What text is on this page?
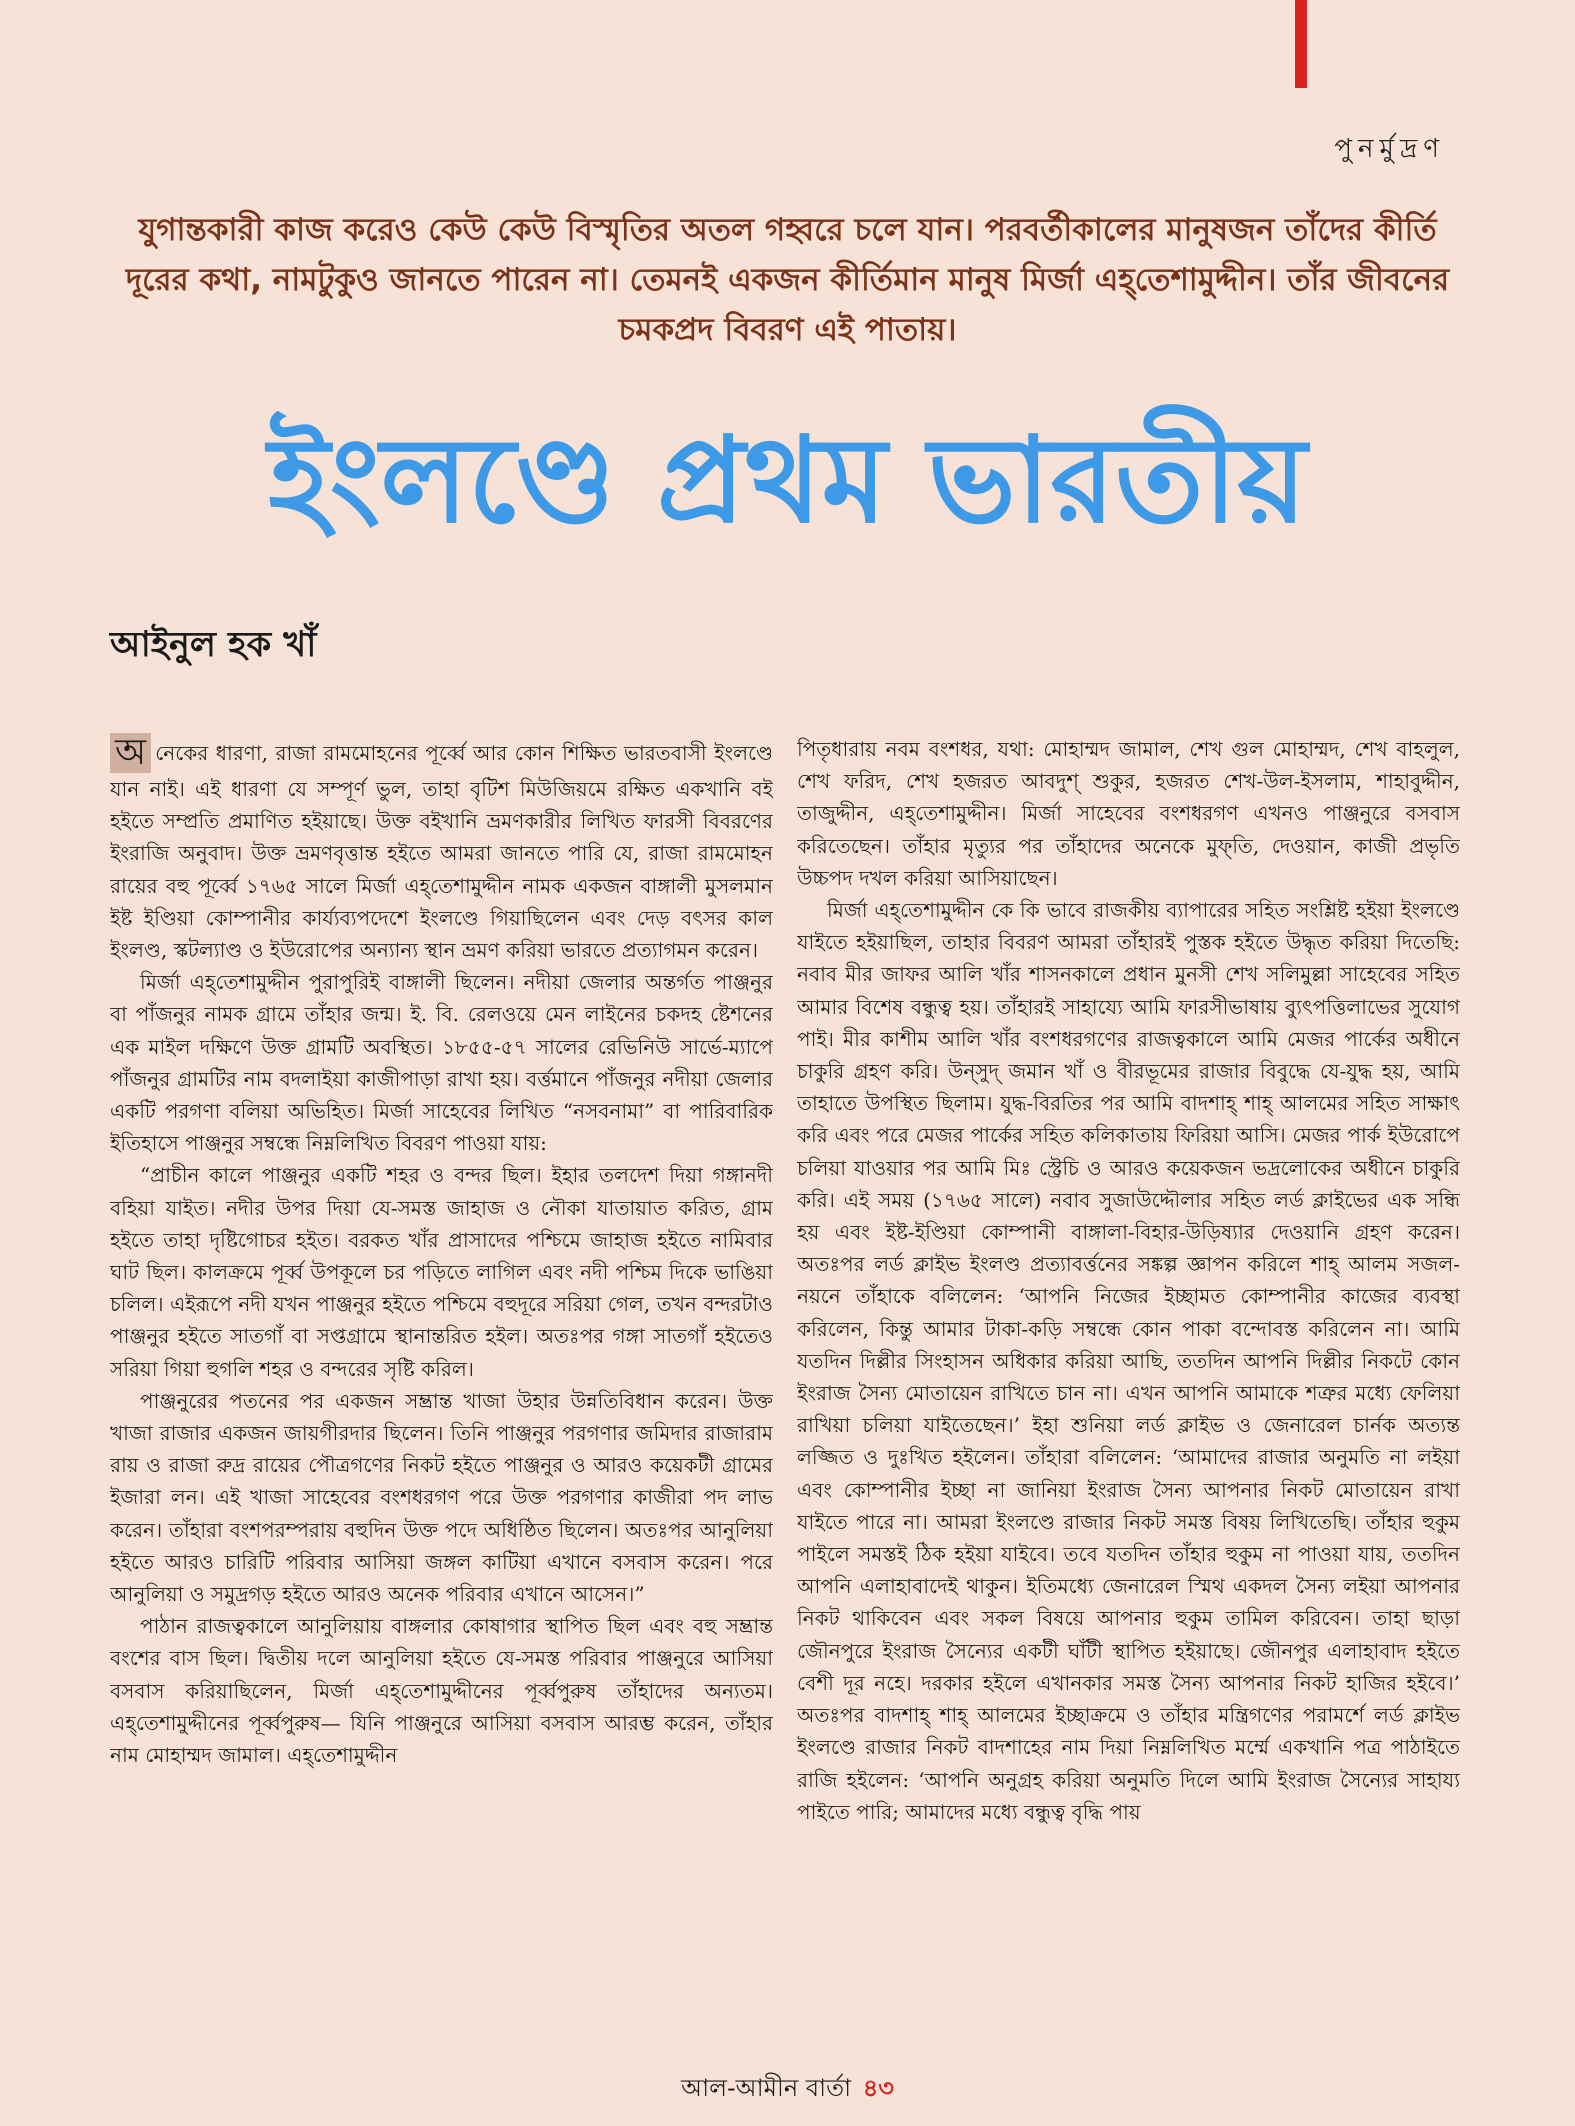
পুনর্মুদ্রণ
যুগান্তকারী কাজ করেও কেউ কেউ বিস্মৃতির অতল গহ্বরে চলে যান। পরবর্তীকালের মানুষজন তাঁদের কীর্তি দূরের কথা, নামটুকুও জানতে পারেন না। তেমনই একজন কীর্তিমান মানুষ মির্জা এহ্‌তেশামুদ্দীন। তাঁর জীবনের চমকপ্রদ বিবরণ এই পাতায়।
ইংলণ্ডে প্রথম ভারতীয়
আইনুল হক খাঁ

অ নেকের ধারণা, রাজা রামমোহনের পূর্ব্বে আর কোন শিক্ষিত ভারতবাসী ইংলণ্ডে যান নাই। এই ধারণা যে সম্পূর্ণ ভুল, তাহা বৃটিশ মিউজিয়মে রক্ষিত একখানি বই হইতে সম্প্রতি প্রমাণিত হইয়াছে। উক্ত বইখানি ভ্রমণকারীর লিখিত ফারসী বিবরণের ইংরাজি অনুবাদ। উক্ত ভ্রমণবৃত্তান্ত হইতে আমরা জানতে পারি যে, রাজা রামমোহন রায়ের বহু পূর্ব্বে ১৭৬৫ সালে মির্জা এহ্‌তেশামুদ্দীন নামক একজন বাঙ্গালী মুসলমান ইষ্ট ইণ্ডিয়া কোম্পানীর কার্য্যব্যপদেশে ইংলণ্ডে গিয়াছিলেন এবং দেড় বৎসর কাল ইংলণ্ড, স্কটল্যাণ্ড ও ইউরোপের অন্যান্য স্থান ভ্রমণ করিয়া ভারতে প্রত্যাগমন করেন।

মির্জা এহ্‌তেশামুদ্দীন পুরাপুরিই বাঙ্গালী ছিলেন। নদীয়া জেলার অন্তর্গত পাঞ্জনুর বা পাঁজনুর নামক গ্রামে তাঁহার জন্ম। ই. বি. রেলওয়ে মেন লাইনের চকদহ ষ্টেশনের এক মাইল দক্ষিণে উক্ত গ্রামটি অবস্থিত। ১৮৫৫-৫৭ সালের রেভিনিউ সার্ভে-ম্যাপে পাঁজনুর গ্রামটির নাম বদলাইয়া কাজীপাড়া রাখা হয়। বর্ত্তমানে পাঁজনুর নদীয়া জেলার একটি পরগণা বলিয়া অভিহিত। মির্জা সাহেবের লিখিত “নসবনামা” বা পারিবারিক ইতিহাসে পাঞ্জনুর সম্বন্ধে নিম্নলিখিত বিবরণ পাওয়া যায়:

“প্রাচীন কালে পাঞ্জনুর একটি শহর ও বন্দর ছিল। ইহার তলদেশ দিয়া গঙ্গানদী বহিয়া যাইত। নদীর উপর দিয়া যে-সমস্ত জাহাজ ও নৌকা যাতায়াত করিত, গ্রাম হইতে তাহা দৃষ্টিগোচর হইত। বরকত খাঁর প্রাসাদের পশ্চিমে জাহাজ হইতে নামিবার ঘাট ছিল। কালক্রমে পূর্ব্ব উপকূলে চর পড়িতে লাগিল এবং নদী পশ্চিম দিকে ভাঙিয়া চলিল। এইরূপে নদী যখন পাঞ্জনুর হইতে পশ্চিমে বহুদূরে সরিয়া গেল, তখন বন্দরটাও পাঞ্জনুর হইতে সাতগাঁ বা সপ্তগ্রামে স্থানান্তরিত হইল। অতঃপর গঙ্গা সাতগাঁ হইতেও সরিয়া গিয়া হুগলি শহর ও বন্দরের সৃষ্টি করিল।

পাঞ্জনুরের পতনের পর একজন সম্ভ্রান্ত খাজা উহার উন্নতিবিধান করেন। উক্ত খাজা রাজার একজন জায়গীরদার ছিলেন। তিনি পাঞ্জনুর পরগণার জমিদার রাজারাম রায় ও রাজা রুদ্র রায়ের পৌত্রগণের নিকট হইতে পাঞ্জনুর ও আরও কয়েকটী গ্রামের ইজারা লন। এই খাজা সাহেবের বংশধরগণ পরে উক্ত পরগণার কাজীরা পদ লাভ করেন। তাঁহারা বংশপরম্পরায় বহুদিন উক্ত পদে অধিষ্ঠিত ছিলেন। অতঃপর আনুলিয়া হইতে আরও চারিটি পরিবার আসিয়া জঙ্গল কাটিয়া এখানে বসবাস করেন। পরে আনুলিয়া ও সমুদ্রগড় হইতে আরও অনেক পরিবার এখানে আসেন।”

পাঠান রাজত্বকালে আনুলিয়ায় বাঙ্গলার কোষাগার স্থাপিত ছিল এবং বহু সম্ভ্রান্ত বংশের বাস ছিল। দ্বিতীয় দলে আনুলিয়া হইতে যে-সমস্ত পরিবার পাঞ্জনুরে আসিয়া বসবাস করিয়াছিলেন, মির্জা এহ্‌তেশামুদ্দীনের পূর্ব্বপুরুষ তাঁহাদের অন্যতম। এহ্‌তেশামুদ্দীনের পূর্ব্বপুরুষ— যিনি পাঞ্জনুরে আসিয়া বসবাস আরম্ভ করেন, তাঁহার নাম মোহাম্মদ জামাল। এহ্‌তেশামুদ্দীন

পিতৃধারায় নবম বংশধর, যথা: মোহাম্মদ জামাল, শেখ গুল মোহাম্মদ, শেখ বাহলুল, শেখ ফরিদ, শেখ হজরত আবদুশ্ শুকুর, হজরত শেখ-উল-ইসলাম, শাহাবুদ্দীন, তাজুদ্দীন, এহ্‌তেশামুদ্দীন। মির্জা সাহেবের বংশধরগণ এখনও পাঞ্জনুরে বসবাস করিতেছেন। তাঁহার মৃত্যুর পর তাঁহাদের অনেকে মুফ্‌তি, দেওয়ান, কাজী প্রভৃতি উচ্চপদ দখল করিয়া আসিয়াছেন।

মির্জা এহ্‌তেশামুদ্দীন কে কি ভাবে রাজকীয় ব্যাপারের সহিত সংশ্লিষ্ট হইয়া ইংলণ্ডে যাইতে হইয়াছিল, তাহার বিবরণ আমরা তাঁহারই পুস্তক হইতে উদ্ধৃত করিয়া দিতেছি: নবাব মীর জাফর আলি খাঁর শাসনকালে প্রধান মুনসী শেখ সলিমুল্লা সাহেবের সহিত আমার বিশেষ বন্ধুত্ব হয়। তাঁহারই সাহায্যে আমি ফারসীভাষায় ব্যুৎপত্তিলাভের সুযোগ পাই। মীর কাশীম আলি খাঁর বংশধরগণের রাজত্বকালে আমি মেজর পার্কের অধীনে চাকুরি গ্রহণ করি। উন্‌সুদ্ জমান খাঁ ও বীরভূমের রাজার বিবুদ্ধে যে-যুদ্ধ হয়, আমি তাহাতে উপস্থিত ছিলাম। যুদ্ধ-বিরতির পর আমি বাদশাহ্ শাহ্ আলমের সহিত সাক্ষাৎ করি এবং পরে মেজর পার্কের সহিত কলিকাতায় ফিরিয়া আসি। মেজর পার্ক ইউরোপে চলিয়া যাওয়ার পর আমি মিঃ স্ট্রেচি ও আরও কয়েকজন ভদ্রলোকের অধীনে চাকুরি করি। এই সময় (১৭৬৫ সালে) নবাব সুজাউদ্দৌলার সহিত লর্ড ক্লাইভের এক সন্ধি হয় এবং ইষ্ট-ইণ্ডিয়া কোম্পানী বাঙ্গালা-বিহার-উড়িষ্যার দেওয়ানি গ্রহণ করেন। অতঃপর লর্ড ক্লাইভ ইংলণ্ড প্রত্যাবর্ত্তনের সঙ্কল্প জ্ঞাপন করিলে শাহ্ আলম সজল-নয়নে তাঁহাকে বলিলেন: ‘আপনি নিজের ইচ্ছামত কোম্পানীর কাজের ব্যবস্থা করিলেন, কিন্তু আমার টাকা-কড়ি সম্বন্ধে কোন পাকা বন্দোবস্ত করিলেন না। আমি যতদিন দিল্লীর সিংহাসন অধিকার করিয়া আছি, ততদিন আপনি দিল্লীর নিকটে কোন ইংরাজ সৈন্য মোতায়েন রাখিতে চান না। এখন আপনি আমাকে শত্রুর মধ্যে ফেলিয়া রাখিয়া চলিয়া যাইতেছেন।’ ইহা শুনিয়া লর্ড ক্লাইভ ও জেনারেল চার্নক অত্যন্ত লজ্জিত ও দুঃখিত হইলেন। তাঁহারা বলিলেন: ‘আমাদের রাজার অনুমতি না লইয়া এবং কোম্পানীর ইচ্ছা না জানিয়া ইংরাজ সৈন্য আপনার নিকট মোতায়েন রাখা যাইতে পারে না। আমরা ইংলণ্ডে রাজার নিকট সমস্ত বিষয় লিখিতেছি। তাঁহার হুকুম পাইলে সমস্তই ঠিক হইয়া যাইবে। তবে যতদিন তাঁহার হুকুম না পাওয়া যায়, ততদিন আপনি এলাহাবাদেই থাকুন। ইতিমধ্যে জেনারেল স্মিথ একদল সৈন্য লইয়া আপনার নিকট থাকিবেন এবং সকল বিষয়ে আপনার হুকুম তামিল করিবেন। তাহা ছাড়া জৌনপুরে ইংরাজ সৈন্যের একটী ঘাঁটী স্থাপিত হইয়াছে। জৌনপুর এলাহাবাদ হইতে বেশী দূর নহে। দরকার হইলে এখানকার সমস্ত সৈন্য আপনার নিকট হাজির হইবে।’ অতঃপর বাদশাহ্ শাহ্ আলমের ইচ্ছাক্রমে ও তাঁহার মন্ত্রিগণের পরামর্শে লর্ড ক্লাইভ ইংলণ্ডে রাজার নিকট বাদশাহের নাম দিয়া নিম্নলিখিত মর্ম্মে একখানি পত্র পাঠাইতে রাজি হইলেন: ‘আপনি অনুগ্রহ করিয়া অনুমতি দিলে আমি ইংরাজ সৈন্যের সাহায্য পাইতে পারি; আমাদের মধ্যে বন্ধুত্ব বৃদ্ধি পায়

আল-আমীন বার্তা ৪৩
